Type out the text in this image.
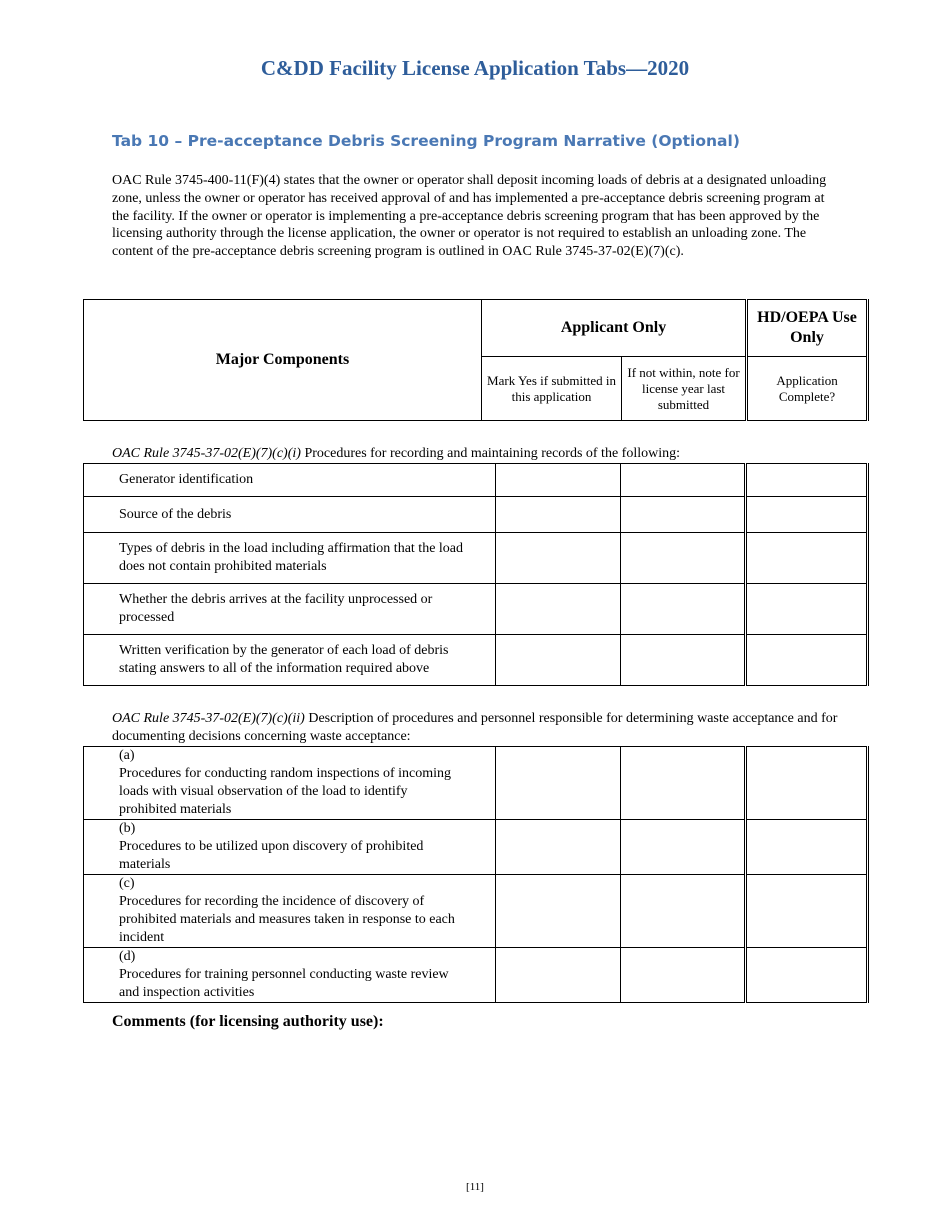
C&DD Facility License Application Tabs—2020
Tab 10 – Pre-acceptance Debris Screening Program Narrative (Optional)

OAC Rule 3745-400-11(F)(4) states that the owner or operator shall deposit incoming loads of debris at a designated unloading zone, unless the owner or operator has received approval of and has implemented a pre-acceptance debris screening program at the facility. If the owner or operator is implementing a pre-acceptance debris screening program that has been approved by the licensing authority through the license application, the owner or operator is not required to establish an unloading zone. The content of the pre-acceptance debris screening program is outlined in OAC Rule 3745-37-02(E)(7)(c).

Major Components	Applicant Only		HD/OEPA Use Only
	Mark Yes if submitted in this application	If not within, note for license year last submitted	Application Complete?

OAC Rule 3745-37-02(E)(7)(c)(i) Procedures for recording and maintaining records of the following:

Generator identification			
Source of the debris			
Types of debris in the load including affirmation that the load does not contain prohibited materials			
Whether the debris arrives at the facility unprocessed or processed			
Written verification by the generator of each load of debris stating answers to all of the information required above			

OAC Rule 3745-37-02(E)(7)(c)(ii) Description of procedures and personnel responsible for determining waste acceptance and for documenting decisions concerning waste acceptance:

(a)Procedures for conducting random inspections of incoming loads with visual observation of the load to identify prohibited materials			
(b)Procedures to be utilized upon discovery of prohibited materials			
(c)Procedures for recording the incidence of discovery of prohibited materials and measures taken in response to each incident			
(d)Procedures for training personnel conducting waste review and inspection activities			
Comments (for licensing authority use):
[11]
